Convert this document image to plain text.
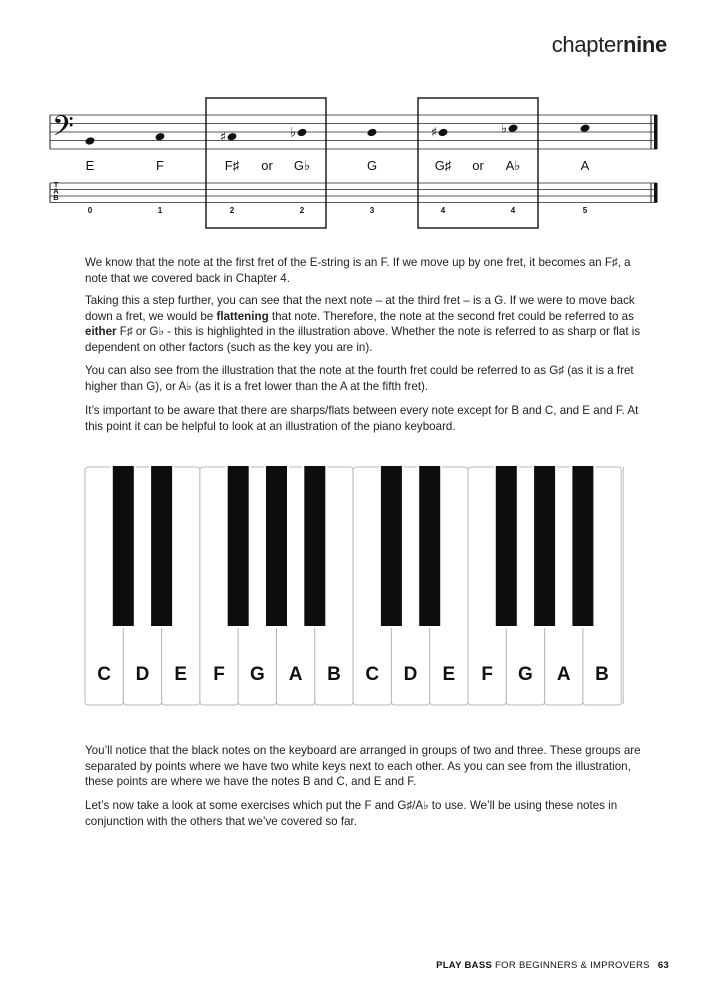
chapternine
𝄢
T
A
B
♯	♭	♯	♭
E
0
F
1
F♯ or G♭
2	2
G
3
G♯ or A♭
4	4
A
5

We know that the note at the first fret of the E-string is an F. If we move up by one fret, it becomes an F♯, a note that we covered back in Chapter 4.

Taking this a step further, you can see that the next note – at the third fret – is a G. If we were to move back down a fret, we would be flattening that note. Therefore, the note at the second fret could be referred to as either F♯ or G♭ - this is highlighted in the illustration above. Whether the note is referred to as sharp or flat is dependent on other factors (such as the key you are in).

You can also see from the illustration that the note at the fourth fret could be referred to as G♯ (as it is a fret higher than G), or A♭ (as it is a fret lower than the A at the fifth fret).

It’s important to be aware that there are sharps/flats between every note except for B and C, and E and F. At this point it can be helpful to look at an illustration of the piano keyboard.

C D E F G A B C D E F G A B

You’ll notice that the black notes on the keyboard are arranged in groups of two and three. These groups are separated by points where we have two white keys next to each other. As you can see from the illustration, these points are where we have the notes B and C, and E and F.

Let’s now take a look at some exercises which put the F and G♯/A♭ to use. We’ll be using these notes in conjunction with the others that we’ve covered so far.

PLAY BASS FOR BEGINNERS & IMPROVERS 63
